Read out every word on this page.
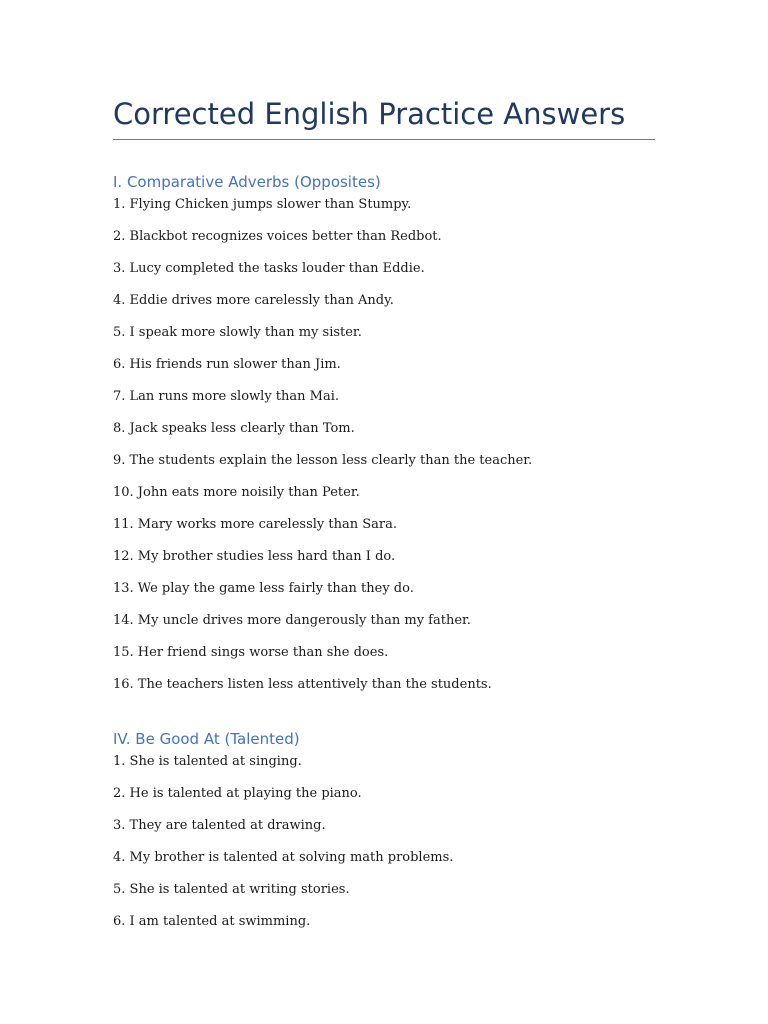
Corrected English Practice Answers
I. Comparative Adverbs (Opposites)
1. Flying Chicken jumps slower than Stumpy.
2. Blackbot recognizes voices better than Redbot.
3. Lucy completed the tasks louder than Eddie.
4. Eddie drives more carelessly than Andy.
5. I speak more slowly than my sister.
6. His friends run slower than Jim.
7. Lan runs more slowly than Mai.
8. Jack speaks less clearly than Tom.
9. The students explain the lesson less clearly than the teacher.
10. John eats more noisily than Peter.
11. Mary works more carelessly than Sara.
12. My brother studies less hard than I do.
13. We play the game less fairly than they do.
14. My uncle drives more dangerously than my father.
15. Her friend sings worse than she does.
16. The teachers listen less attentively than the students.
IV. Be Good At (Talented)
1. She is talented at singing.
2. He is talented at playing the piano.
3. They are talented at drawing.
4. My brother is talented at solving math problems.
5. She is talented at writing stories.
6. I am talented at swimming.
